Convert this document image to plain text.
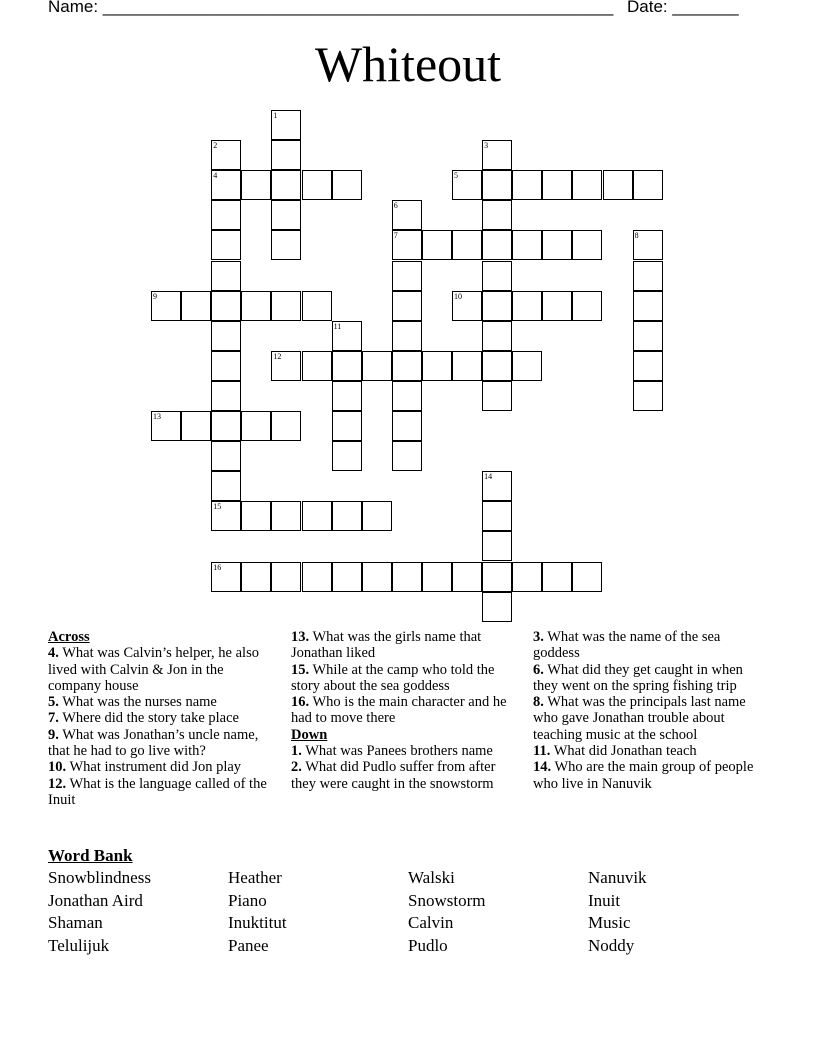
Name: ______________________________________________________ Date: _______
Whiteout
1
2
4
15
3
5
6
7	8
9	10
11
12
13
14
16
Across
4. What was Calvin’s helper, he also lived with Calvin & Jon in the company house
5. What was the nurses name
7. Where did the story take place
9. What was Jonathan’s uncle name, that he had to go live with?
10. What instrument did Jon play
12. What is the language called of the Inuit
13. What was the girls name that Jonathan liked
15. While at the camp who told the story about the sea goddess
16. Who is the main character and he had to move there
Down
1. What was Panees brothers name
2. What did Pudlo suffer from after they were caught in the snowstorm
3. What was the name of the sea goddess
6. What did they get caught in when they went on the spring fishing trip
8. What was the principals last name who gave Jonathan trouble about teaching music at the school
11. What did Jonathan teach
14. Who are the main group of people who live in Nanuvik
Word Bank
Snowblindness
Jonathan Aird
Shaman
Telulijuk
Heather
Piano
Inuktitut
Panee
Walski
Snowstorm
Calvin
Pudlo
Nanuvik
Inuit
Music
Noddy
